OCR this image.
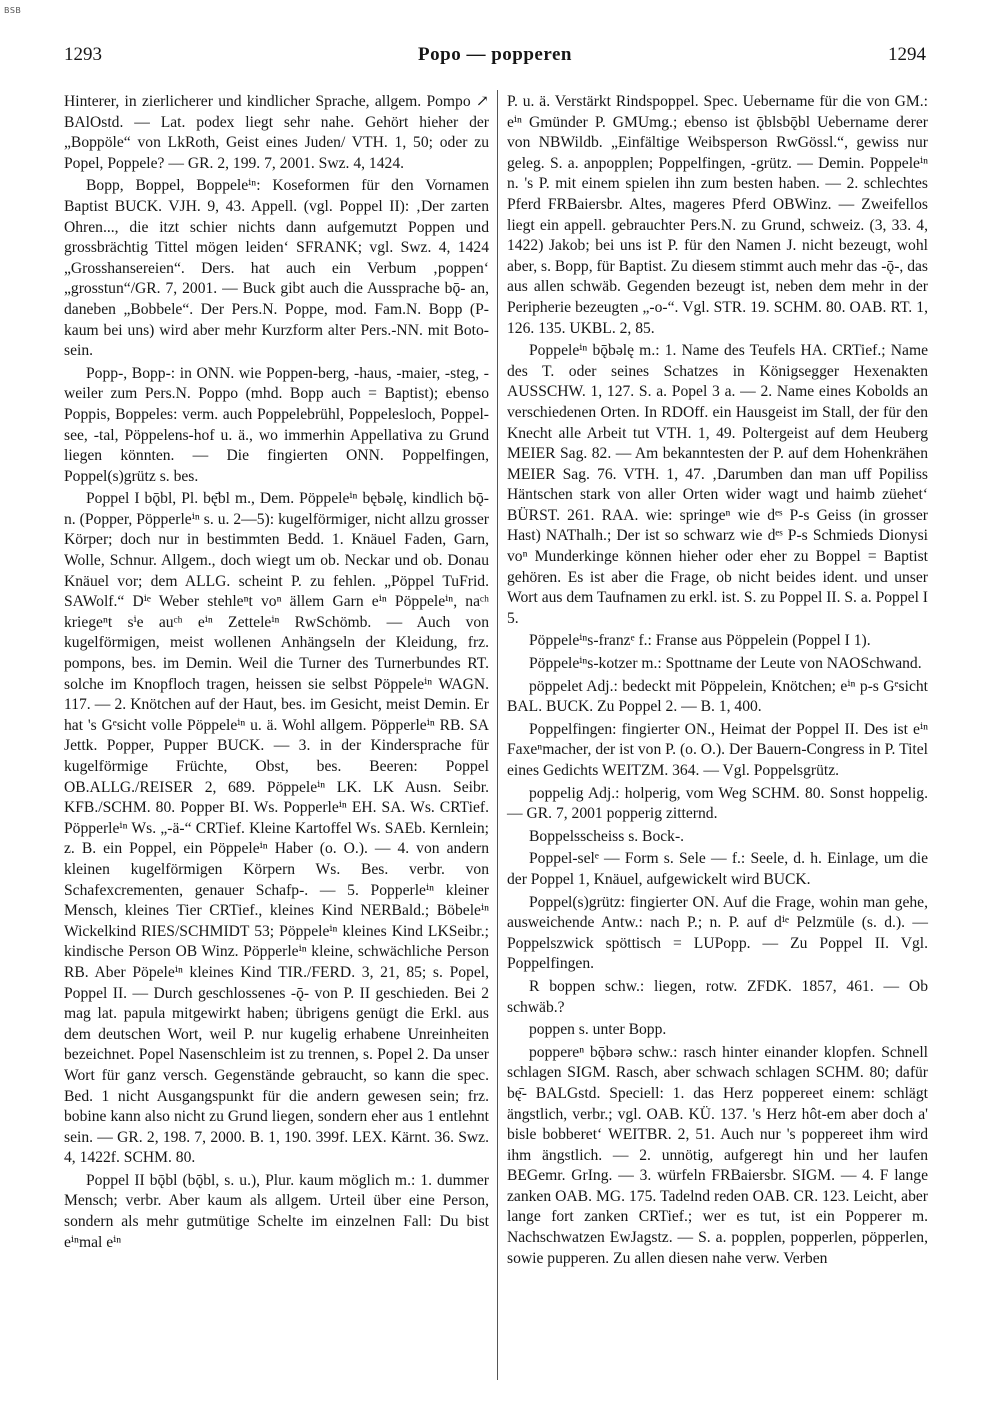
BSB
1293	Popo — popperen	1294

Hinterer, in zierlicherer und kindlicher Sprache, allgem. Pompo ↗ BAlOstd. — Lat. podex liegt sehr nahe. Gehört hieher der „Boppöle“ von LkRoth, Geist eines Juden/ VTH. 1, 50; oder zu Popel, Poppele? — GR. 2, 199. 7, 2001. Swz. 4, 1424.

Bopp, Boppel, Boppeleⁱⁿ: Koseformen für den Vornamen Baptist BUCK. VJH. 9, 43. Appell. (vgl. Poppel II): ‚Der zarten Ohren..., die itzt schier nichts dann aufgemutzt Poppen und grossbrächtig Tittel mögen leiden‘ SFRANK; vgl. Swz. 4, 1424 „Grosshansereien“. Ders. hat auch ein Verbum ‚poppen‘ „grosstun“/GR. 7, 2001. — Buck gibt auch die Aussprache bǭ- an, daneben „Bobbele“. Der Pers.N. Poppe, mod. Fam.N. Bopp (P- kaum bei uns) wird aber mehr Kurzform alter Pers.-NN. mit Boto- sein.

Popp-, Bopp-: in ONN. wie Poppen-berg, -haus, -maier, -steg, -weiler zum Pers.N. Poppo (mhd. Bopp auch = Baptist); ebenso Poppis, Boppeles: verm. auch Poppelebrühl, Poppelesloch, Poppel-see, -tal, Pöppelens-hof u. ä., wo immerhin Appellativa zu Grund liegen könnten. — Die fingierten ONN. Poppelfingen, Poppel(s)grütz s. bes.

Poppel I bǭbl, Pl. bę̄bl m., Dem. Pöppeleⁱⁿ bębəlę, kindlich bǭ- n. (Popper, Pöpperleⁱⁿ s. u. 2—5): kugelförmiger, nicht allzu grosser Körper; doch nur in bestimmten Bedd. 1. Knäuel Faden, Garn, Wolle, Schnur. Allgem., doch wiegt um ob. Neckar und ob. Donau Knäuel vor; dem ALLG. scheint P. zu fehlen. „Pöppel TuFrid. SAWolf.“ Dⁱᵉ Weber stehleⁿt voⁿ ällem Garn eⁱⁿ Pöppeleⁱⁿ, naᶜʰ kriegeⁿt sⁱe auᶜʰ eⁱⁿ Zetteleⁱⁿ RwSchömb. — Auch von kugelförmigen, meist wollenen Anhängseln der Kleidung, frz. pompons, bes. im Demin. Weil die Turner des Turnerbundes RT. solche im Knopfloch tragen, heissen sie selbst Pöppeleⁱⁿ WAGN. 117. — 2. Knötchen auf der Haut, bes. im Gesicht, meist Demin. Er hat 's Gᵉsicht volle Pöppeleⁱⁿ u. ä. Wohl allgem. Pöpperleⁱⁿ RB. SA Jettk. Popper, Pupper BUCK. — 3. in der Kindersprache für kugelförmige Früchte, Obst, bes. Beeren: Poppel OB.ALLG./REISER 2, 689. Pöppeleⁱⁿ LK. LK Ausn. Seibr. KFB./SCHM. 80. Popper BI. Ws. Popperleⁱⁿ EH. SA. Ws. CRTief. Pöpperleⁱⁿ Ws. „-ä-“ CRTief. Kleine Kartoffel Ws. SAEb. Kernlein; z. B. ein Poppel, ein Pöppeleⁱⁿ Haber (o. O.). — 4. von andern kleinen kugelförmigen Körpern Ws. Bes. verbr. von Schafexcrementen, genauer Schafp-. — 5. Popperleⁱⁿ kleiner Mensch, kleines Tier CRTief., kleines Kind NERBald.; Böbeleⁱⁿ Wickelkind RIES/SCHMIDT 53; Pöppeleⁱⁿ kleines Kind LKSeibr.; kindische Person OB Winz. Pöpperleⁱⁿ kleine, schwächliche Person RB. Aber Pöpeleⁱⁿ kleines Kind TIR./FERD. 3, 21, 85; s. Popel, Poppel II. — Durch geschlossenes -ǭ- von P. II geschieden. Bei 2 mag lat. papula mitgewirkt haben; übrigens genügt die Erkl. aus dem deutschen Wort, weil P. nur kugelig erhabene Unreinheiten bezeichnet. Popel Nasenschleim ist zu trennen, s. Popel 2. Da unser Wort für ganz versch. Gegenstände gebraucht, so kann die spec. Bed. 1 nicht Ausgangspunkt für die andern gewesen sein; frz. bobine kann also nicht zu Grund liegen, sondern eher aus 1 entlehnt sein. — GR. 2, 198. 7, 2000. B. 1, 190. 399f. LEX. Kärnt. 36. Swz. 4, 1422f. SCHM. 80.

Poppel II bǭbl (bǭbl, s. u.), Plur. kaum möglich m.: 1. dummer Mensch; verbr. Aber kaum als allgem. Urteil über eine Person, sondern als mehr gutmütige Schelte im einzelnen Fall: Du bist eⁱⁿmal eⁱⁿ

P. u. ä. Verstärkt Rindspoppel. Spec. Uebername für die von GM.: eⁱⁿ Gmünder P. GMUmg.; ebenso ist ǭblsbǭbl Uebername derer von NBWildb. „Einfältige Weibsperson RwGössl.“, gewiss nur geleg. S. a. anpopplen; Poppelfingen, -grütz. — Demin. Poppeleⁱⁿ n. 's P. mit einem spielen ihn zum besten haben. — 2. schlechtes Pferd FRBaiersbr. Altes, mageres Pferd OBWinz. — Zweifellos liegt ein appell. gebrauchter Pers.N. zu Grund, schweiz. (3, 33. 4, 1422) Jakob; bei uns ist P. für den Namen J. nicht bezeugt, wohl aber, s. Bopp, für Baptist. Zu diesem stimmt auch mehr das -ǭ-, das aus allen schwäb. Gegenden bezeugt ist, neben dem mehr in der Peripherie bezeugten „-o-“. Vgl. STR. 19. SCHM. 80. OAB. RT. 1, 126. 135. UKBL. 2, 85.

Poppeleⁱⁿ bǭbəlę m.: 1. Name des Teufels HA. CRTief.; Name des T. oder seines Schatzes in Königsegger Hexenakten AUSSCHW. 1, 127. S. a. Popel 3 a. — 2. Name eines Kobolds an verschiedenen Orten. In RDOff. ein Hausgeist im Stall, der für den Knecht alle Arbeit tut VTH. 1, 49. Poltergeist auf dem Heuberg MEIER Sag. 82. — Am bekanntesten der P. auf dem Hohenkrähen MEIER Sag. 76. VTH. 1, 47. ‚Darumben dan man uff Popiliss Häntschen stark von aller Orten wider wagt und haimb züehet‘ BÜRST. 261. RAA. wie: springeⁿ wie dᵉˢ P-s Geiss (in grosser Hast) NAThalh.; Der ist so schwarz wie dᵉˢ P-s Schmieds Dionysi voⁿ Munderkinge können hieher oder eher zu Boppel = Baptist gehören. Es ist aber die Frage, ob nicht beides ident. und unser Wort aus dem Taufnamen zu erkl. ist. S. zu Poppel II. S. a. Poppel I 5.

Pöppeleⁱⁿs-franzᵉ f.: Franse aus Pöppelein (Poppel I 1).

Pöppeleⁱⁿs-kotzer m.: Spottname der Leute von NAOSchwand.

pöppelet Adj.: bedeckt mit Pöppelein, Knötchen; eⁱⁿ p-s Gᵉsicht BAL. BUCK. Zu Poppel 2. — B. 1, 400.

Poppelfingen: fingierter ON., Heimat der Poppel II. Des ist eⁱⁿ Faxeⁿmacher, der ist von P. (o. O.). Der Bauern-Congress in P. Titel eines Gedichts WEITZM. 364. — Vgl. Poppelsgrütz.

poppelig Adj.: holperig, vom Weg SCHM. 80. Sonst hoppelig. — GR. 7, 2001 popperig zitternd.

Boppelsscheiss s. Bock-.

Poppel-selᵉ — Form s. Sele — f.: Seele, d. h. Einlage, um die der Poppel 1, Knäuel, aufgewickelt wird BUCK.

Poppel(s)grütz: fingierter ON. Auf die Frage, wohin man gehe, ausweichende Antw.: nach P.; n. P. auf dⁱᵉ Pelzmüle (s. d.). — Poppelszwick spöttisch = LUPopp. — Zu Poppel II. Vgl. Poppelfingen.

R boppen schw.: liegen, rotw. ZFDK. 1857, 461. — Ob schwäb.?

poppen s. unter Bopp.

poppereⁿ bǭbərə schw.: rasch hinter einander klopfen. Schnell schlagen SIGM. Rasch, aber schwach schlagen SCHM. 80; dafür bę̄- BALGstd. Speciell: 1. das Herz poppereet einem: schlägt ängstlich, verbr.; vgl. OAB. KÜ. 137. 's Herz hôt-em aber doch a' bisle bobberet‘ WEITBR. 2, 51. Auch nur 's poppereet ihm wird ihm ängstlich. — 2. unnötig, aufgeregt hin und her laufen BEGemr. GrIng. — 3. würfeln FRBaiersbr. SIGM. — 4. F lange zanken OAB. MG. 175. Tadelnd reden OAB. CR. 123. Leicht, aber lange fort zanken CRTief.; wer es tut, ist ein Popperer m. Nachschwatzen EwJagstz. — S. a. popplen, popperlen, pöpperlen, sowie pupperen. Zu allen diesen nahe verw. Verben
